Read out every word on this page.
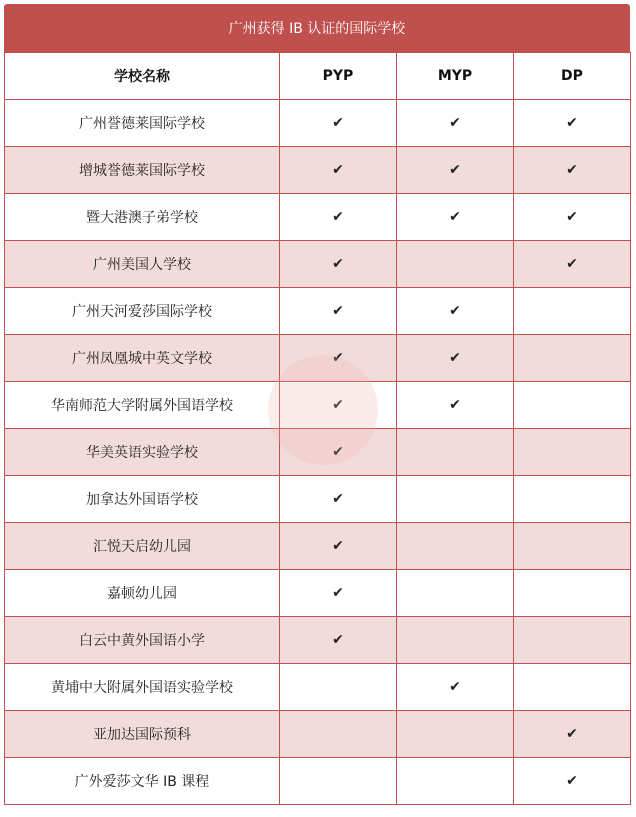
广州获得 IB 认证的国际学校
学校名称	PYP	MYP	DP
广州誉德莱国际学校	✔	✔	✔
增城誉德莱国际学校	✔	✔	✔
暨大港澳子弟学校	✔	✔	✔
广州美国人学校	✔		✔
广州天河爱莎国际学校	✔	✔	
广州凤凰城中英文学校	✔	✔	
华南师范大学附属外国语学校	✔	✔	
华美英语实验学校	✔		
加拿达外国语学校	✔		
汇悦天启幼儿园	✔		
嘉顿幼儿园	✔		
白云中黄外国语小学	✔		
黄埔中大附属外国语实验学校		✔	
亚加达国际预科			✔
广外爱莎文华 IB 课程			✔
